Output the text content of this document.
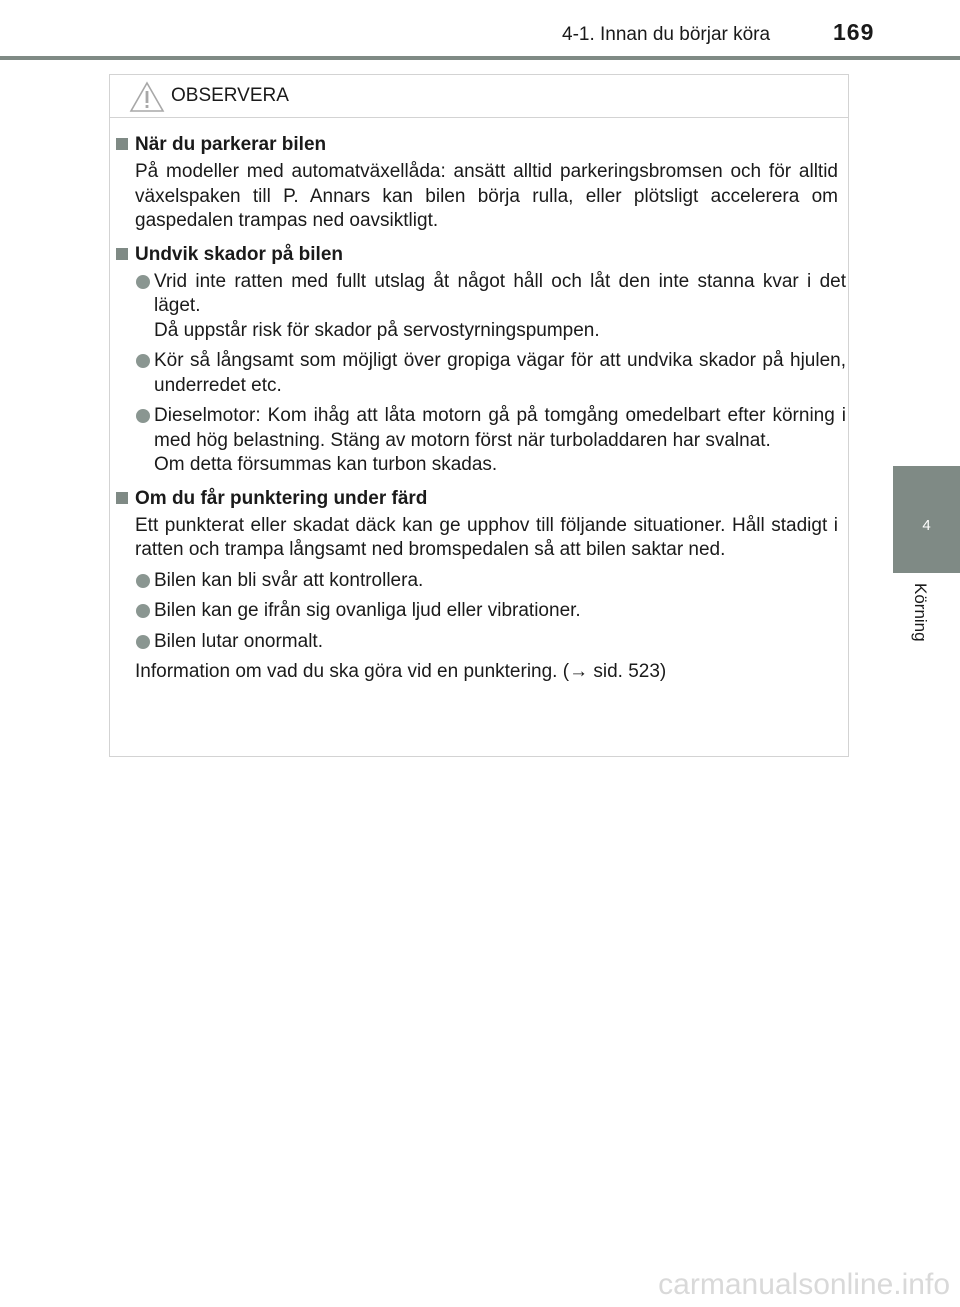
4-1. Innan du börjar köra	169
4
Körning
OBSERVERA
När du parkerar bilen
På modeller med automatväxellåda: ansätt alltid parkeringsbromsen och för alltid växelspaken till P. Annars kan bilen börja rulla, eller plötsligt accelerera om gaspedalen trampas ned oavsiktligt.
Undvik skador på bilen
Vrid inte ratten med fullt utslag åt något håll och låt den inte stanna kvar i det läget.
Då uppstår risk för skador på servostyrningspumpen.
Kör så långsamt som möjligt över gropiga vägar för att undvika skador på hjulen, underredet etc.
Dieselmotor: Kom ihåg att låta motorn gå på tomgång omedelbart efter körning i med hög belastning. Stäng av motorn först när turboladdaren har svalnat.
Om detta försummas kan turbon skadas.
Om du får punktering under färd
Ett punkterat eller skadat däck kan ge upphov till följande situationer. Håll stadigt i ratten och trampa långsamt ned bromspedalen så att bilen saktar ned.
Bilen kan bli svår att kontrollera.
Bilen kan ge ifrån sig ovanliga ljud eller vibrationer.
Bilen lutar onormalt.
Information om vad du ska göra vid en punktering. (→ sid. 523)
carmanualsonline.info
